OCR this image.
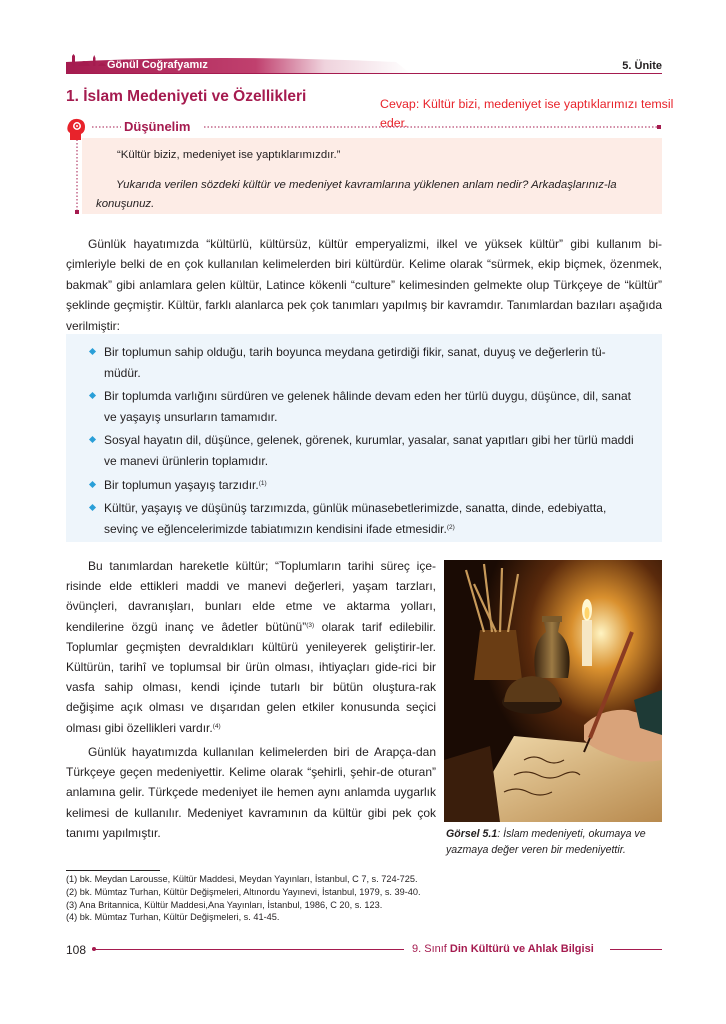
Gönül Coğrafyamız	5. Ünite
1. İslam Medeniyeti ve Özellikleri	Cevap: Kültür bizi, medeniyet ise yaptıklarımızı temsil eder.
Düşünelim
“Kültür biziz, medeniyet ise yaptıklarımızdır.”
Yukarıda verilen sözdeki kültür ve medeniyet kavramlarına yüklenen anlam nedir? Arkadaşlarınız-la konuşunuz.
Günlük hayatımızda “kültürlü, kültürsüz, kültür emperyalizmi, ilkel ve yüksek kültür” gibi kullanım bi-çimleriyle belki de en çok kullanılan kelimelerden biri kültürdür. Kelime olarak “sürmek, ekip biçmek, özenmek, bakmak” gibi anlamlara gelen kültür, Latince kökenli “culture” kelimesinden gelmekte olup Türkçeye de “kültür” şeklinde geçmiştir. Kültür, farklı alanlarca pek çok tanımları yapılmış bir kavramdır. Tanımlardan bazıları aşağıda verilmiştir:
Bir toplumun sahip olduğu, tarih boyunca meydana getirdiği fikir, sanat, duyuş ve değerlerin tü-müdür.
Bir toplumda varlığını sürdüren ve gelenek hâlinde devam eden her türlü duygu, düşünce, dil, sanat ve yaşayış unsurların tamamıdır.
Sosyal hayatın dil, düşünce, gelenek, görenek, kurumlar, yasalar, sanat yapıtları gibi her türlü maddi ve manevi ürünlerin toplamıdır.
Bir toplumun yaşayış tarzıdır.$^{(1)}$
Kültür, yaşayış ve düşünüş tarzımızda, günlük münasebetlerimizde, sanatta, dinde, edebiyatta, sevinç ve eğlencelerimizde tabiatımızın kendisini ifade etmesidir.$^{(2)}$
Bu tanımlardan hareketle kültür; “Toplumların tarihi süreç içe-risinde elde ettikleri maddi ve manevi değerleri, yaşam tarzları, övünçleri, davranışları, bunları elde etme ve aktarma yolları, kendilerine özgü inanç ve âdetler bütünü”$^{(3)}$ olarak tarif edilebilir. Toplumlar geçmişten devraldıkları kültürü yenileyerek geliştirir-ler. Kültürün, tarihî ve toplumsal bir ürün olması, ihtiyaçları gide-rici bir vasfa sahip olması, kendi içinde tutarlı bir bütün oluştura-rak değişime açık olması ve dışarıdan gelen etkiler konusunda seçici olması gibi özellikleri vardır.$^{(4)}$
Günlük hayatımızda kullanılan kelimelerden biri de Arapça-dan Türkçeye geçen medeniyettir. Kelime olarak “şehirli, şehir-de oturan” anlamına gelir. Türkçede medeniyet ile hemen aynı anlamda uygarlık kelimesi de kullanılır. Medeniyet kavramının da kültür gibi pek çok tanımı yapılmıştır.	Görsel 5.1: İslam medeniyeti, okumaya ve yazmaya değer veren bir medeniyettir.
(1) bk. Meydan Larousse, Kültür Maddesi, Meydan Yayınları, İstanbul, C 7, s. 724-725.
(2) bk. Mümtaz Turhan, Kültür Değişmeleri, Altınordu Yayınevi, İstanbul, 1979, s. 39-40.
(3) Ana Britannica, Kültür Maddesi,Ana Yayınları, İstanbul, 1986, C 20, s. 123.
(4) bk. Mümtaz Turhan, Kültür Değişmeleri, s. 41-45.
108	9. Sınıf Din Kültürü ve Ahlak Bilgisi
